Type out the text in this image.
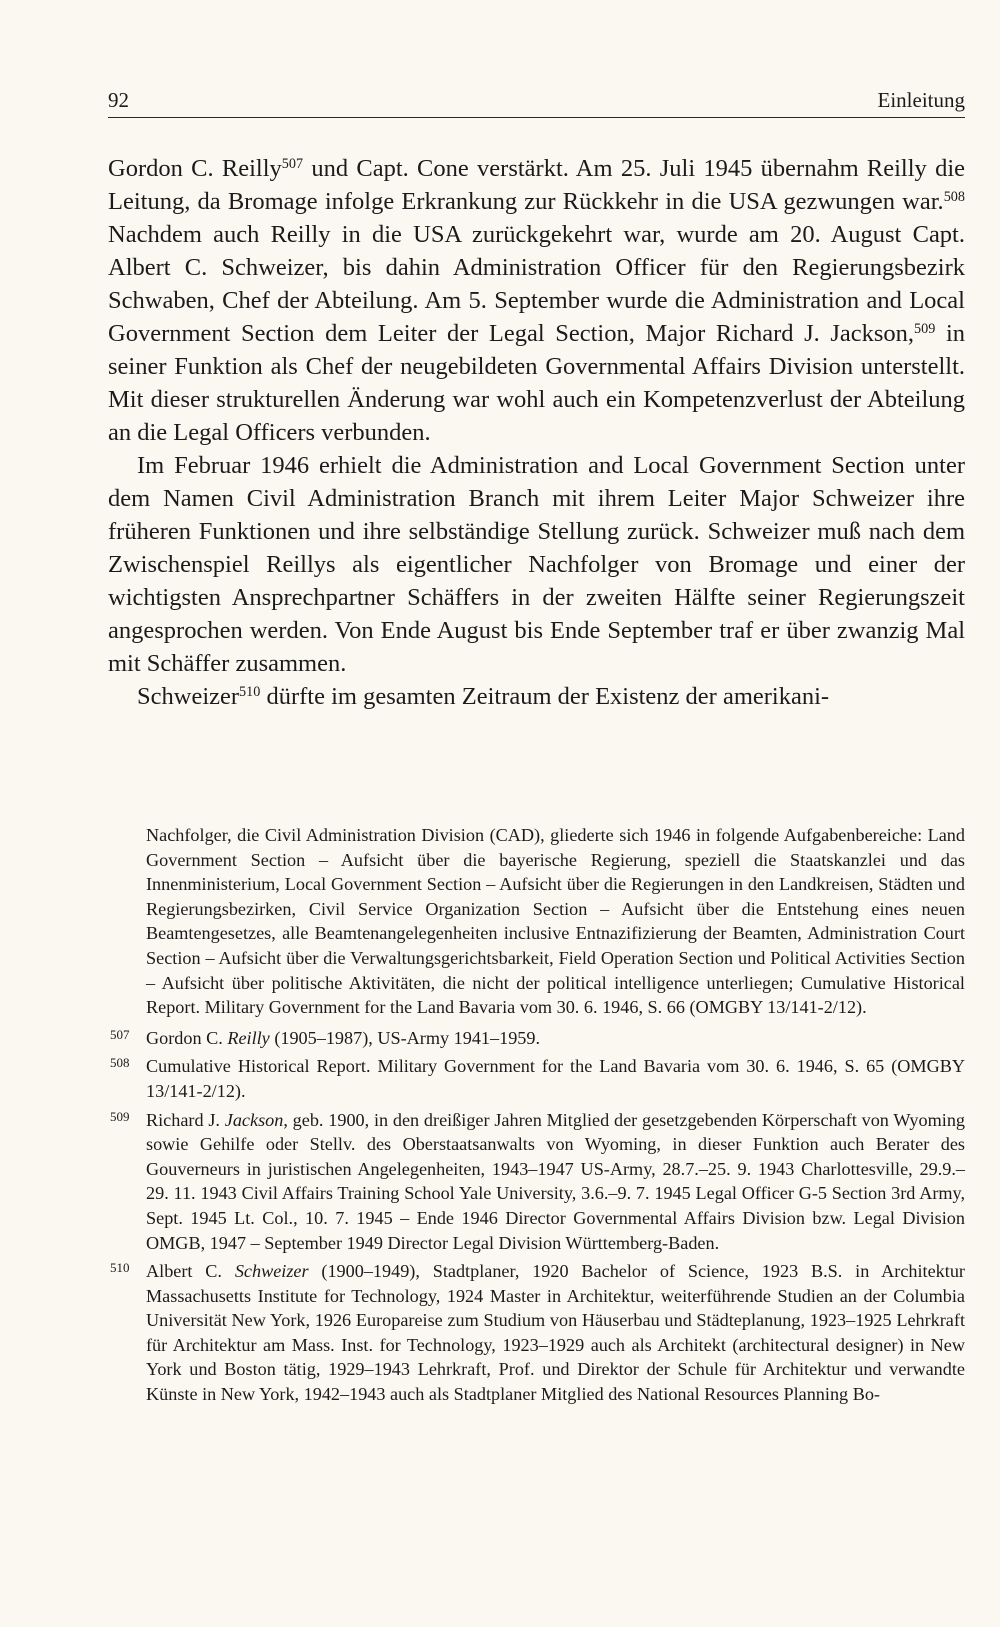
92	Einleitung

Gordon C. Reilly$^{507}$ und Capt. Cone verstärkt. Am 25. Juli 1945 übernahm Reilly die Leitung, da Bromage infolge Erkrankung zur Rückkehr in die USA gezwungen war.$^{508}$ Nachdem auch Reilly in die USA zurückgekehrt war, wurde am 20. August Capt. Albert C. Schweizer, bis dahin Administration Officer für den Regierungsbezirk Schwaben, Chef der Abteilung. Am 5. September wurde die Administration and Local Government Section dem Leiter der Legal Section, Major Richard J. Jackson,$^{509}$ in seiner Funktion als Chef der neugebildeten Governmental Affairs Division unterstellt. Mit dieser strukturellen Änderung war wohl auch ein Kompetenzverlust der Abteilung an die Legal Officers verbunden.

Im Februar 1946 erhielt die Administration and Local Government Section unter dem Namen Civil Administration Branch mit ihrem Leiter Major Schweizer ihre früheren Funktionen und ihre selbständige Stellung zurück. Schweizer muß nach dem Zwischenspiel Reillys als eigentlicher Nachfolger von Bromage und einer der wichtigsten Ansprechpartner Schäffers in der zweiten Hälfte seiner Regierungszeit angesprochen werden. Von Ende August bis Ende September traf er über zwanzig Mal mit Schäffer zusammen.

Schweizer$^{510}$ dürfte im gesamten Zeitraum der Existenz der amerikani-

Nachfolger, die Civil Administration Division (CAD), gliederte sich 1946 in folgende Aufgabenbereiche: Land Government Section – Aufsicht über die bayerische Regierung, speziell die Staatskanzlei und das Innenministerium, Local Government Section – Aufsicht über die Regierungen in den Landkreisen, Städten und Regierungsbezirken, Civil Service Organization Section – Aufsicht über die Entstehung eines neuen Beamtengesetzes, alle Beamtenangelegenheiten inclusive Entnazifizierung der Beamten, Administration Court Section – Aufsicht über die Verwaltungsgerichtsbarkeit, Field Operation Section und Political Activities Section – Aufsicht über politische Aktivitäten, die nicht der political intelligence unterliegen; Cumulative Historical Report. Military Government for the Land Bavaria vom 30. 6. 1946, S. 66 (OMGBY 13/141-2/12).
507 Gordon C. Reilly (1905–1987), US-Army 1941–1959.
508 Cumulative Historical Report. Military Government for the Land Bavaria vom 30. 6. 1946, S. 65 (OMGBY 13/141-2/12).
509 Richard J. Jackson, geb. 1900, in den dreißiger Jahren Mitglied der gesetzgebenden Körperschaft von Wyoming sowie Gehilfe oder Stellv. des Oberstaatsanwalts von Wyoming, in dieser Funktion auch Berater des Gouverneurs in juristischen Angelegenheiten, 1943–1947 US-Army, 28.7.–25. 9. 1943 Charlottesville, 29.9.–29. 11. 1943 Civil Affairs Training School Yale University, 3.6.–9. 7. 1945 Legal Officer G-5 Section 3rd Army, Sept. 1945 Lt. Col., 10. 7. 1945 – Ende 1946 Director Governmental Affairs Division bzw. Legal Division OMGB, 1947 – September 1949 Director Legal Division Württemberg-Baden.
510 Albert C. Schweizer (1900–1949), Stadtplaner, 1920 Bachelor of Science, 1923 B.S. in Architektur Massachusetts Institute for Technology, 1924 Master in Architektur, weiterführende Studien an der Columbia Universität New York, 1926 Europareise zum Studium von Häuserbau und Städteplanung, 1923–1925 Lehrkraft für Architektur am Mass. Inst. for Technology, 1923–1929 auch als Architekt (architectural designer) in New York und Boston tätig, 1929–1943 Lehrkraft, Prof. und Direktor der Schule für Architektur und verwandte Künste in New York, 1942–1943 auch als Stadtplaner Mitglied des National Resources Planning Bo-
